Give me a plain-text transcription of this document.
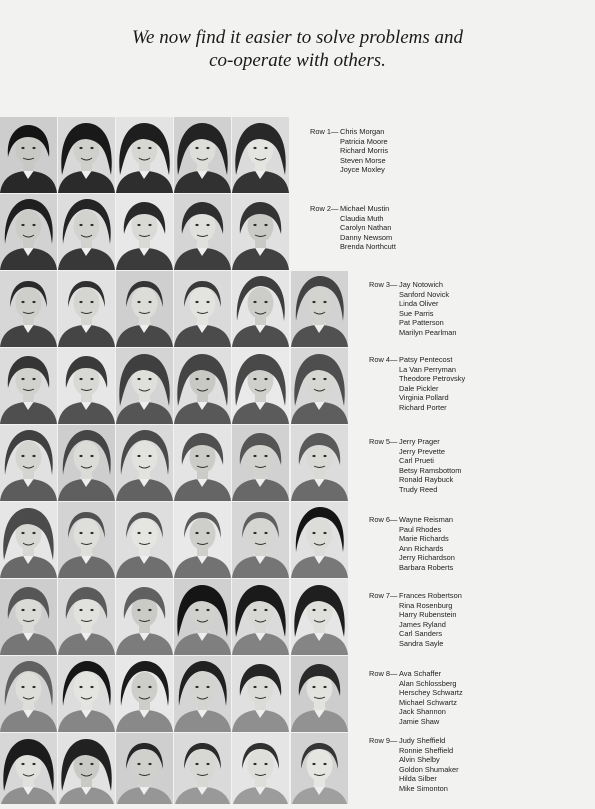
We now find it easier to solve problems and
co-operate with others.
Row 1— Chris Morgan
Patricia Moore
Richard Morris
Steven Morse
Joyce Moxley
Row 2— Michael Mustin
Claudia Muth
Carolyn Nathan
Danny Newsom
Brenda Northcutt
Row 3— Jay Notowich
Sanford Novick
Linda Oliver
Sue Parris
Pat Patterson
Marilyn Pearlman
Row 4— Patsy Pentecost
La Van Perryman
Theodore Petrovsky
Dale Pickler
Virginia Pollard
Richard Porter
Row 5— Jerry Prager
Jerry Prevette
Carl Prueti
Betsy Ramsbottom
Ronald Raybuck
Trudy Reed
Row 6— Wayne Reisman
Paul Rhodes
Marie Richards
Ann Richards
Jerry Richardson
Barbara Roberts
Row 7— Frances Robertson
Rina Rosenburg
Harry Rubenstein
James Ryland
Carl Sanders
Sandra Sayle
Row 8— Ava Schaffer
Alan Schlossberg
Herschey Schwartz
Michael Schwartz
Jack Shannon
Jamie Shaw
Row 9— Judy Sheffield
Ronnie Sheffield
Alvin Shelby
Goldon Shumaker
Hilda Silber
Mike Simonton
